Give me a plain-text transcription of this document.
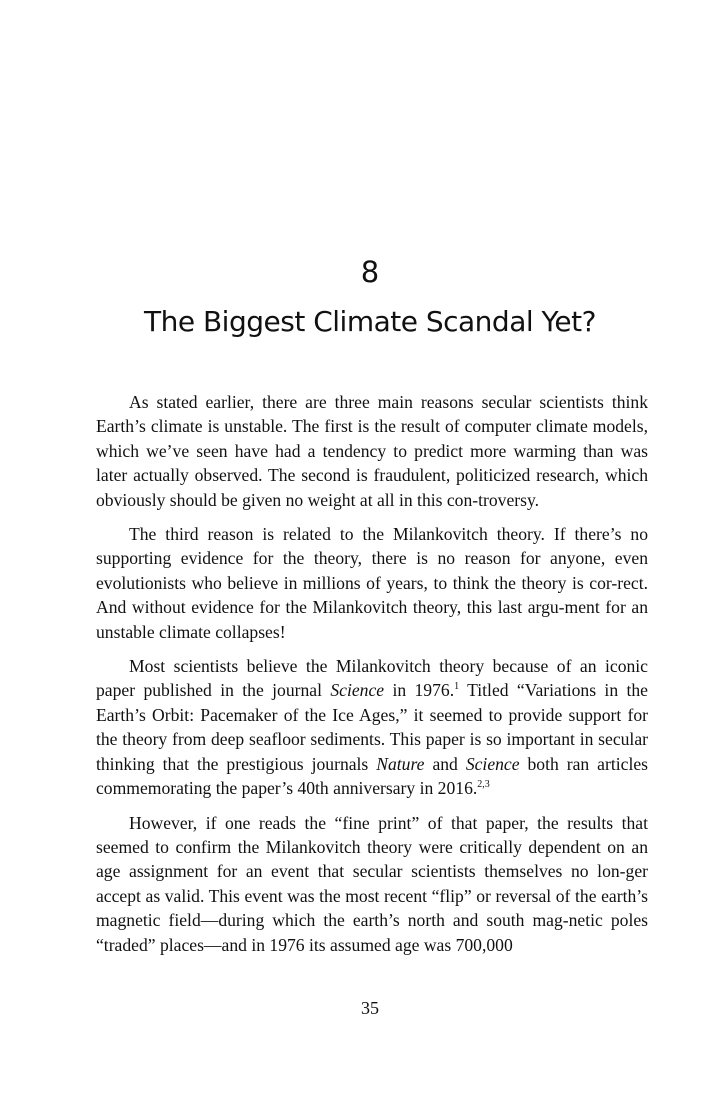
8
The Biggest Climate Scandal Yet?

As stated earlier, there are three main reasons secular scientists think Earth’s climate is unstable. The first is the result of computer climate models, which we’ve seen have had a tendency to predict more warming than was later actually observed. The second is fraudulent, politicized research, which obviously should be given no weight at all in this con-troversy.

The third reason is related to the Milankovitch theory. If there’s no supporting evidence for the theory, there is no reason for anyone, even evolutionists who believe in millions of years, to think the theory is cor-rect. And without evidence for the Milankovitch theory, this last argu-ment for an unstable climate collapses!

Most scientists believe the Milankovitch theory because of an iconic paper published in the journal Science in 1976.$^1$ Titled “Variations in the Earth’s Orbit: Pacemaker of the Ice Ages,” it seemed to provide support for the theory from deep seafloor sediments. This paper is so important in secular thinking that the prestigious journals Nature and Science both ran articles commemorating the paper’s 40th anniversary in 2016.$^{2,3}$

However, if one reads the “fine print” of that paper, the results that seemed to confirm the Milankovitch theory were critically dependent on an age assignment for an event that secular scientists themselves no lon-ger accept as valid. This event was the most recent “flip” or reversal of the earth’s magnetic field—during which the earth’s north and south mag-netic poles “traded” places—and in 1976 its assumed age was 700,000

35
